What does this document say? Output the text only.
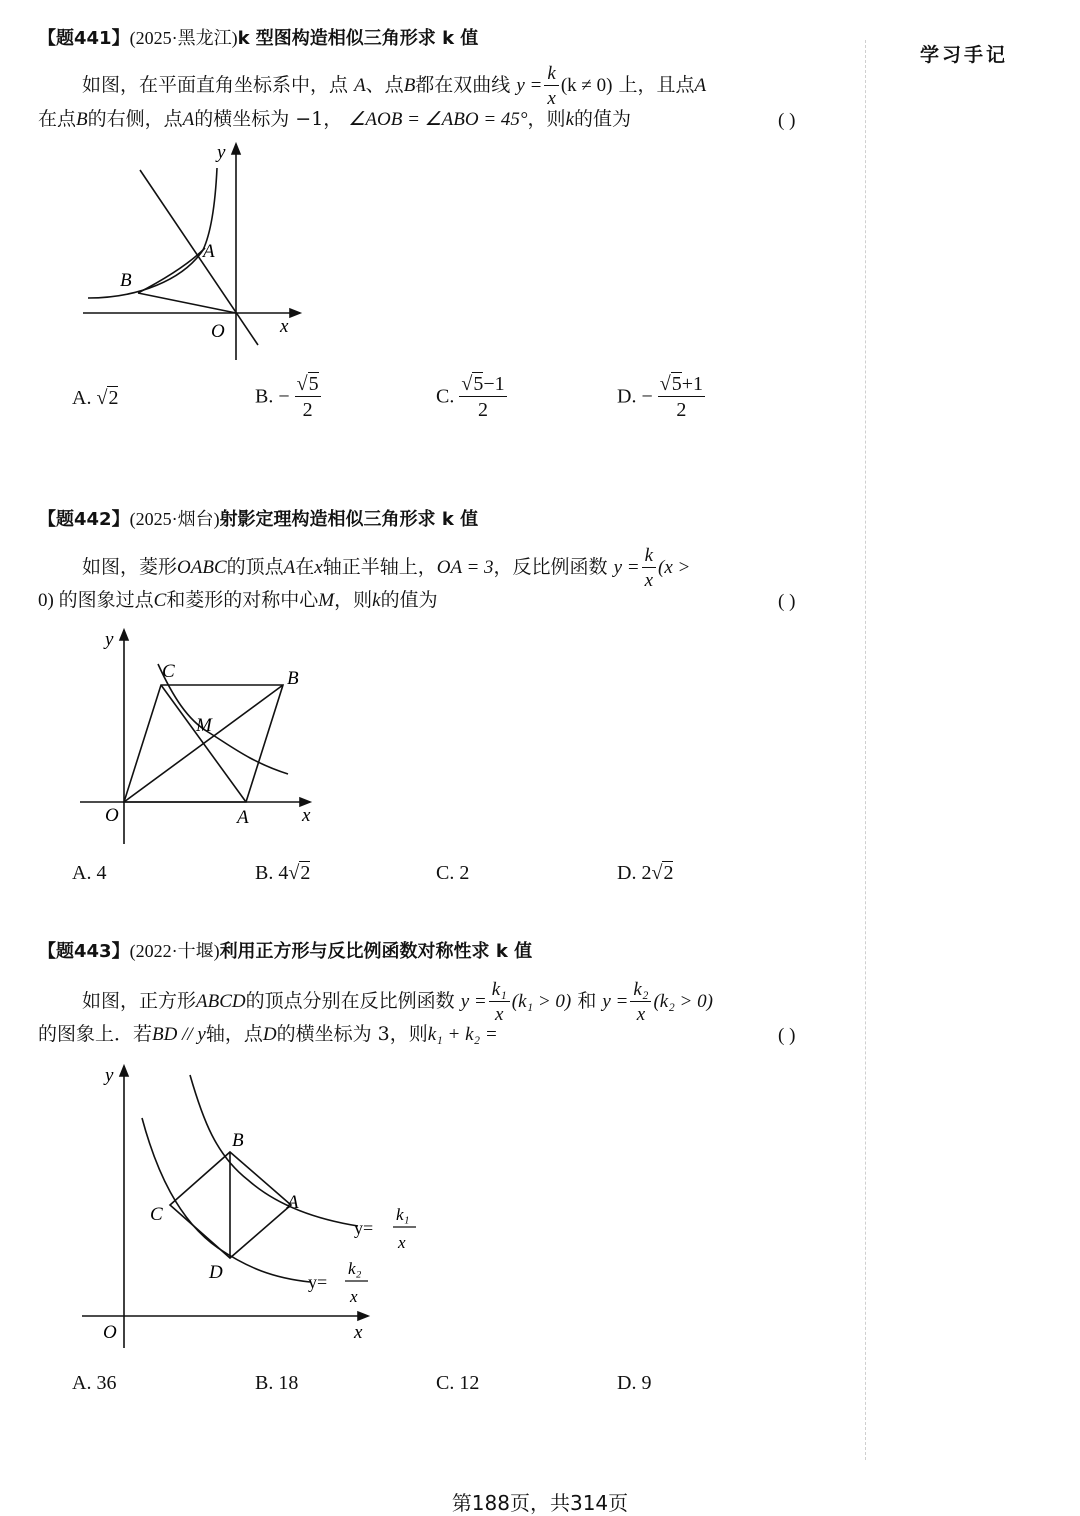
学习手记
【题441】(2025·黑龙江)k 型图构造相似三角形求 k 值
如图，在平面直角坐标系中，点 A、点B都在双曲线 $y = \frac{k}{x} (k \ne 0)$ 上，且点A
在点B的右侧，点A的横坐标为 −1， ∠AOB = ∠ABO = 45°，则k的值为	( )
y
x
O
A
B
A. √2	B. − $\frac{√5}{2}$	C. $\frac{√5-1}{2}$	D. − $\frac{√5+1}{2}$
【题442】(2025·烟台)射影定理构造相似三角形求 k 值
如图，菱形OABC的顶点A在x轴正半轴上，OA = 3，反比例函数 $y = \frac{k}{x} (x$ >
0) 的图象过点C和菱形的对称中心M，则k的值为	( )
y
x
O	A
B
C
M
A. 4	B. 4√2	C. 2	D. 2√2
【题443】(2022·十堰)利用正方形与反比例函数对称性求 k 值
如图，正方形ABCD的顶点分别在反比例函数 $y = \frac{\text{k₁}}{x} (k_1 > 0)$ 和 $y = \frac{\text{k₂}}{x} (k_2 > 0)$
的图象上．若BD // y轴，点D的横坐标为 3，则k₁ + k₂ =	( )
y
x
O
B
A
C
D
y=
k₁
x
y=
k₂
x
A. 36	B. 18	C. 12	D. 9
第188页，共314页
